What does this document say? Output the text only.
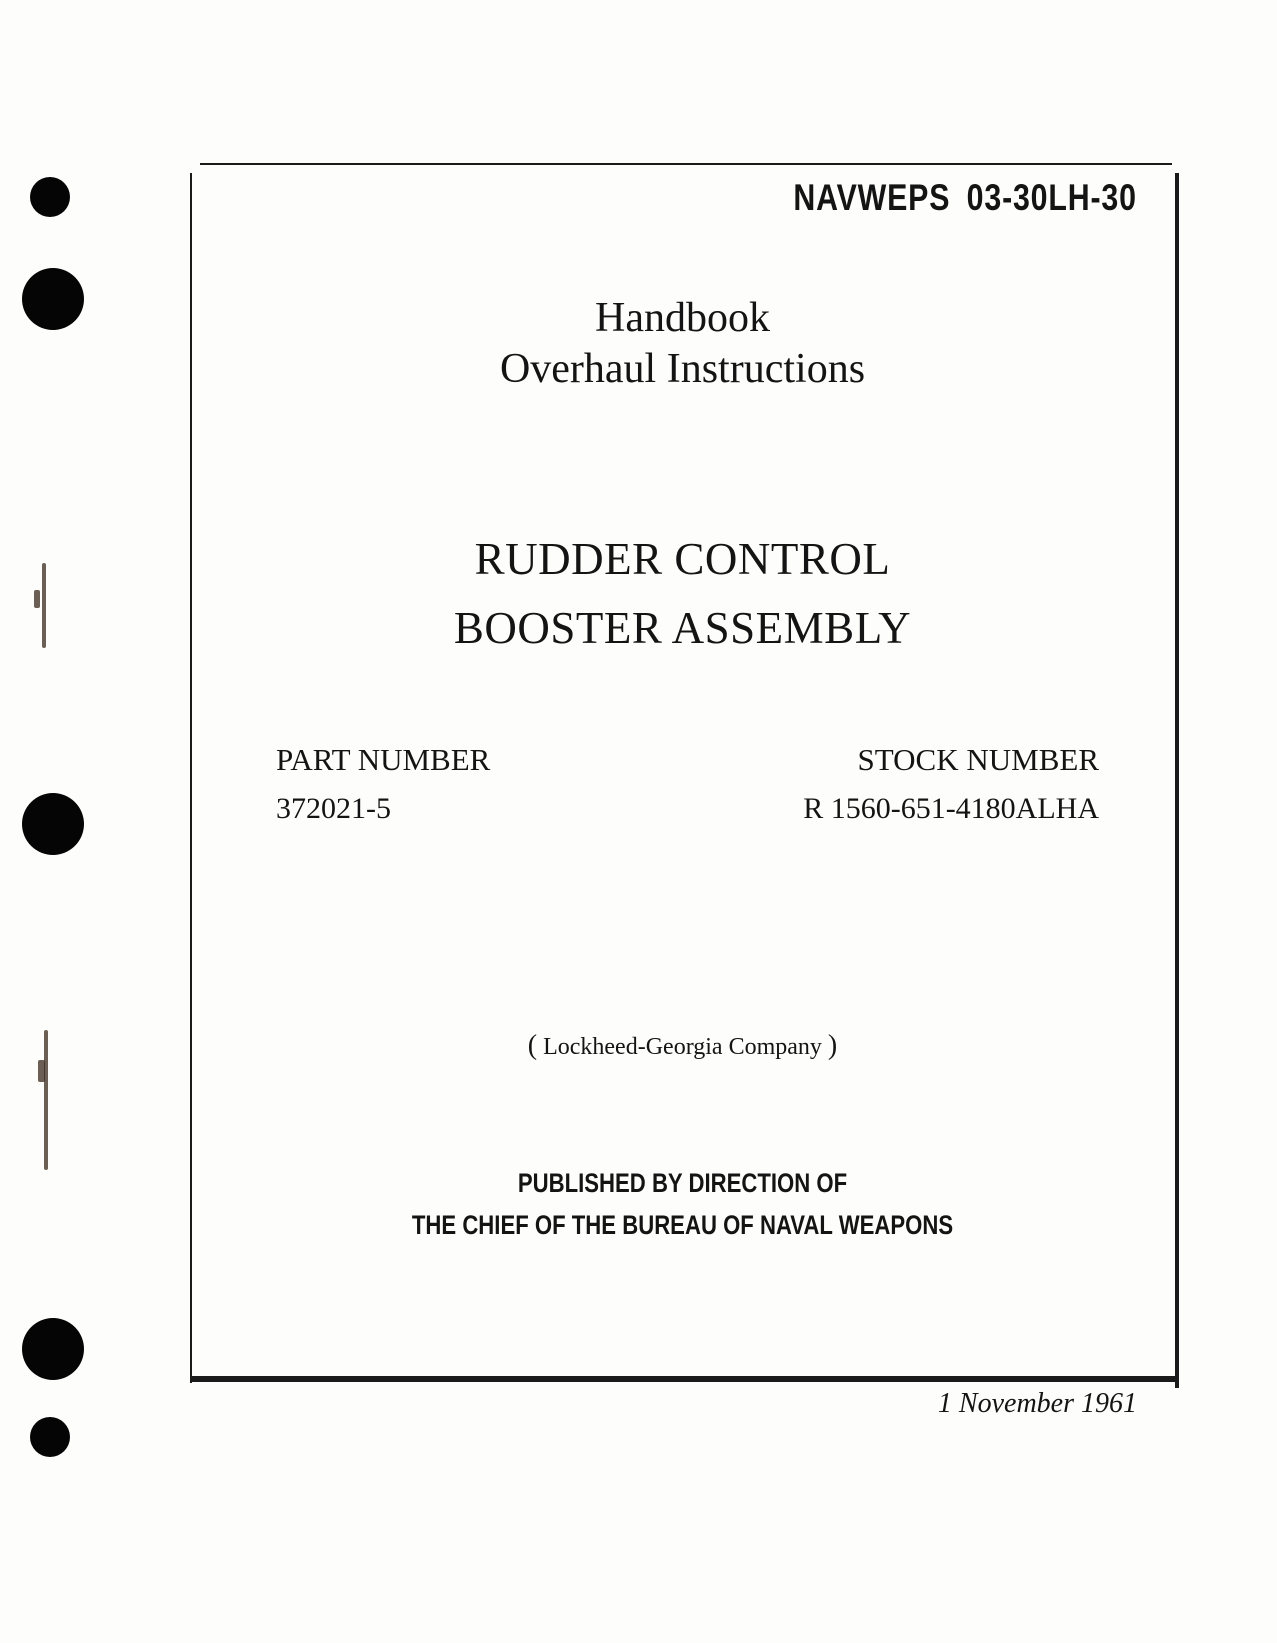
NAVWEPS 03-30LH-30
Handbook
Overhaul Instructions
RUDDER CONTROL
BOOSTER ASSEMBLY
PART NUMBER
372021-5
STOCK NUMBER
R 1560-651-4180ALHA
( Lockheed-Georgia Company )
PUBLISHED BY DIRECTION OF
THE CHIEF OF THE BUREAU OF NAVAL WEAPONS
1 November 1961
